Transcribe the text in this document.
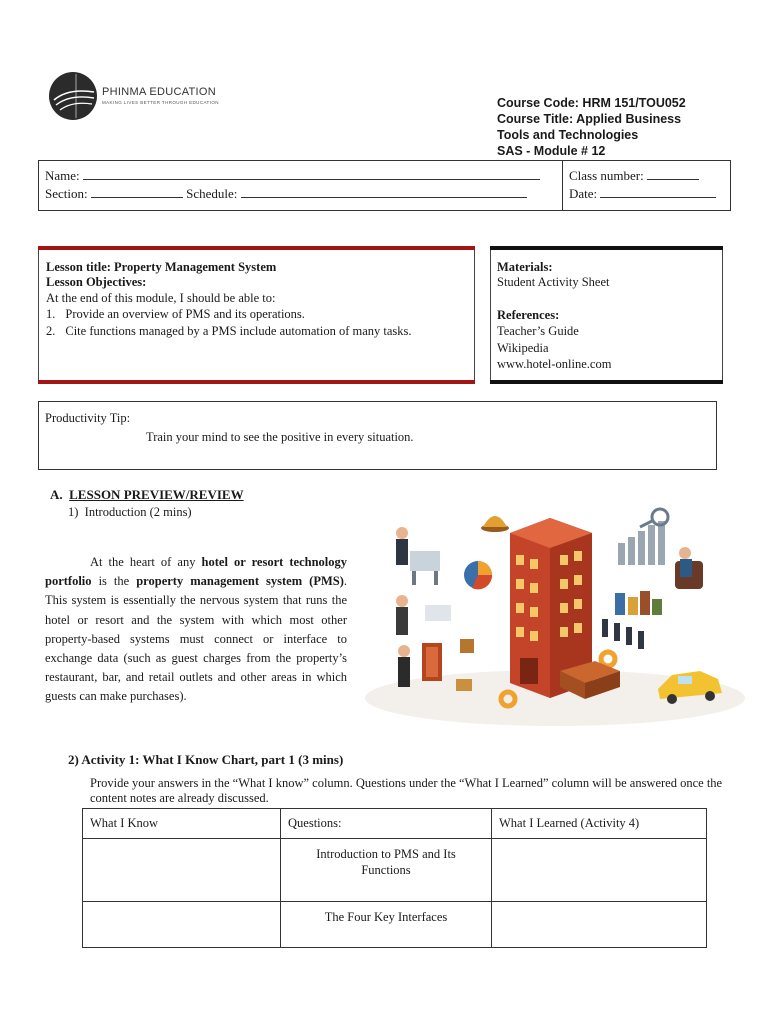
PHINMA EDUCATION
MAKING LIVES BETTER THROUGH EDUCATION	Course Code: HRM 151/TOU052
Course Title: Applied Business
Tools and Technologies
SAS - Module # 12
Name:
Section:	Schedule:
Class number:
Date:
Lesson title: Property Management System
Lesson Objectives:
At the end of this module, I should be able to:
1. Provide an overview of PMS and its operations.
2. Cite functions managed by a PMS include automation of many tasks.
Materials:
Student Activity Sheet
References:
Teacher’s Guide
Wikipedia
www.hotel-online.com
Productivity Tip:
Train your mind to see the positive in every situation.
A. LESSON PREVIEW/REVIEW
1) Introduction (2 mins)
At the heart of any hotel or resort technology portfolio is the property management system (PMS). This system is essentially the nervous system that runs the hotel or resort and the system with which most other property-based systems must connect or interface to exchange data (such as guest charges from the property’s restaurant, bar, and retail outlets and other areas in which guests can make purchases).
2) Activity 1: What I Know Chart, part 1 (3 mins)
Provide your answers in the “What I know” column. Questions under the “What I Learned” column will be answered once the content notes are already discussed.
What I Know	Questions:	What I Learned (Activity 4)
	Introduction to PMS and Its Functions	
	The Four Key Interfaces	
